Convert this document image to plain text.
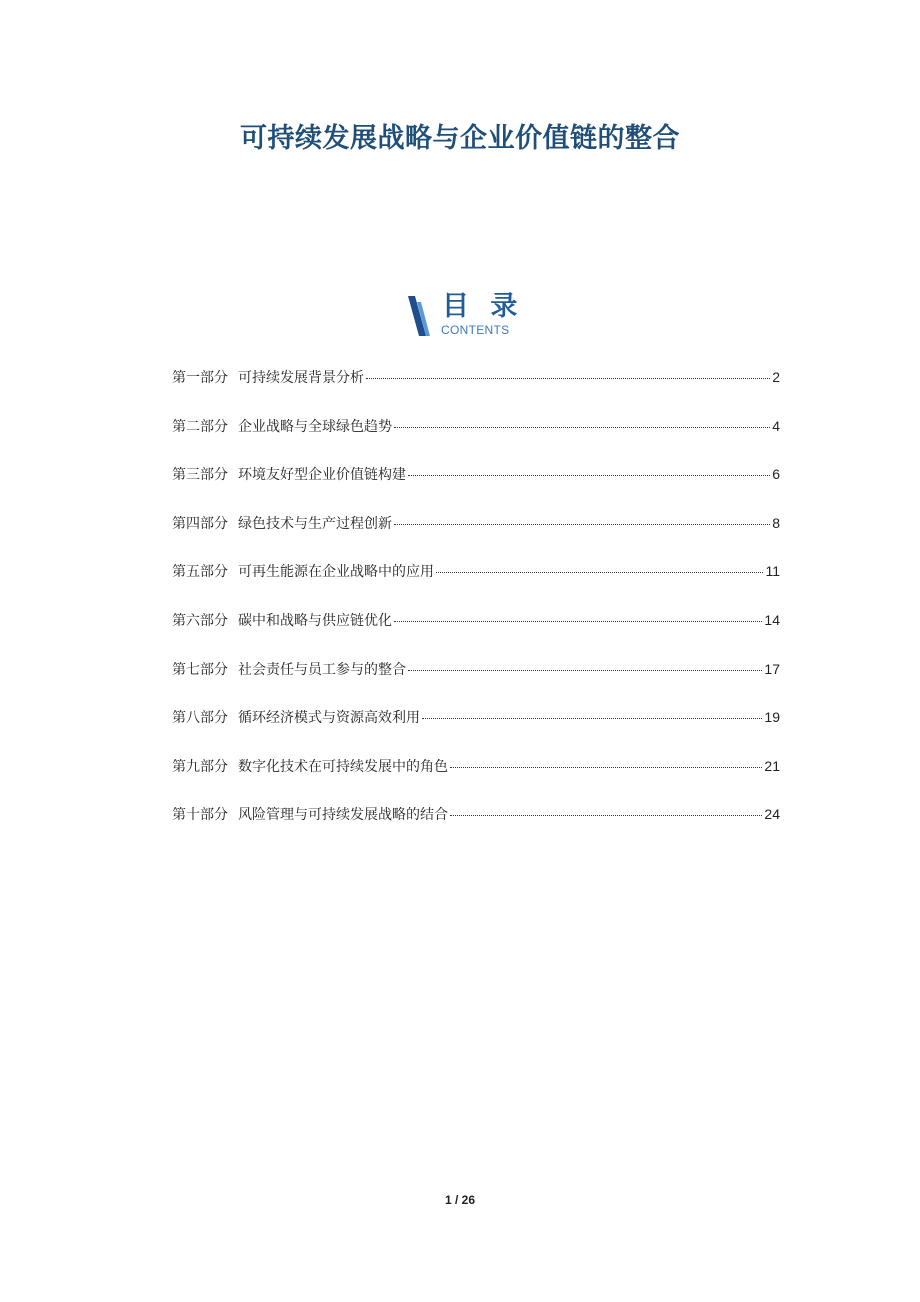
可持续发展战略与企业价值链的整合
目 录
CONTENTS
第一部分 可持续发展背景分析	2
第二部分 企业战略与全球绿色趋势	4
第三部分 环境友好型企业价值链构建	6
第四部分 绿色技术与生产过程创新	8
第五部分 可再生能源在企业战略中的应用	11
第六部分 碳中和战略与供应链优化	14
第七部分 社会责任与员工参与的整合	17
第八部分 循环经济模式与资源高效利用	19
第九部分 数字化技术在可持续发展中的角色	21
第十部分 风险管理与可持续发展战略的结合	24
1 / 26
